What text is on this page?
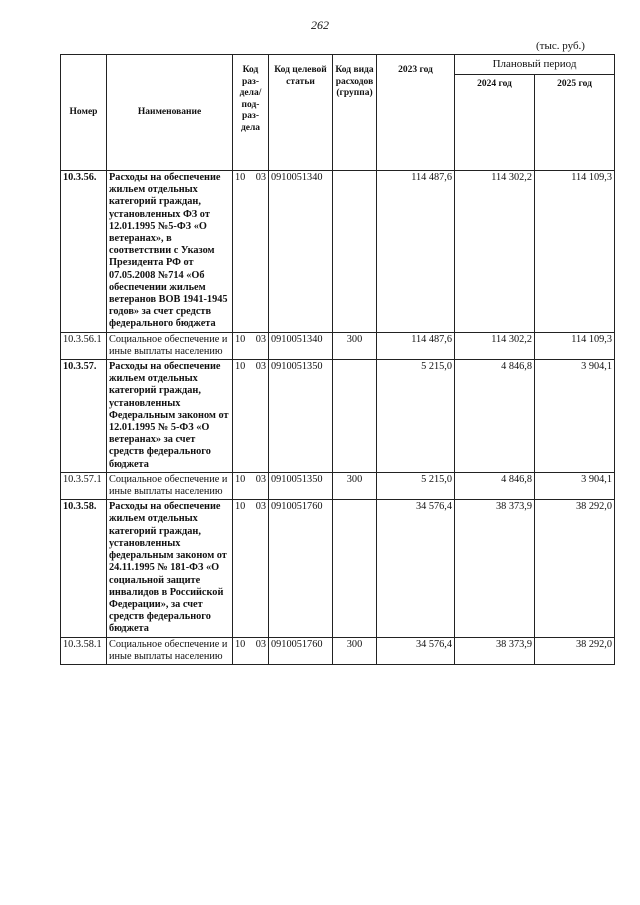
262
(тыс. руб.)
Номер	Наименование	Код раз-дела/ под-раз-дела	Код целевой статьи	Код вида расходов (группа)	2023 год	Плановый период	
						2024 год	2025 год
10.3.56.	Расходы на обеспечение жильем отдельных категорий граждан, установленных ФЗ от 12.01.1995 №5-ФЗ «О ветеранах», в соответствии с Указом Президента РФ от 07.05.2008 №714 «Об обеспечении жильем ветеранов ВОВ 1941-1945 годов» за счет средств федерального бюджета	10 03	0910051340		114 487,6	114 302,2	114 109,3
10.3.56.1	Социальное обеспечение и иные выплаты населению	10 03	0910051340	300	114 487,6	114 302,2	114 109,3
10.3.57.	Расходы на обеспечение жильем отдельных категорий граждан, установленных Федеральным законом от 12.01.1995 № 5-ФЗ «О ветеранах» за счет средств федерального бюджета	10 03	0910051350		5 215,0	4 846,8	3 904,1
10.3.57.1	Социальное обеспечение и иные выплаты населению	10 03	0910051350	300	5 215,0	4 846,8	3 904,1
10.3.58.	Расходы на обеспечение жильем отдельных категорий граждан, установленных федеральным законом от 24.11.1995 № 181-ФЗ «О социальной защите инвалидов в Российской Федерации», за счет средств федерального бюджета	10 03	0910051760		34 576,4	38 373,9	38 292,0
10.3.58.1	Социальное обеспечение и иные выплаты населению	10 03	0910051760	300	34 576,4	38 373,9	38 292,0
